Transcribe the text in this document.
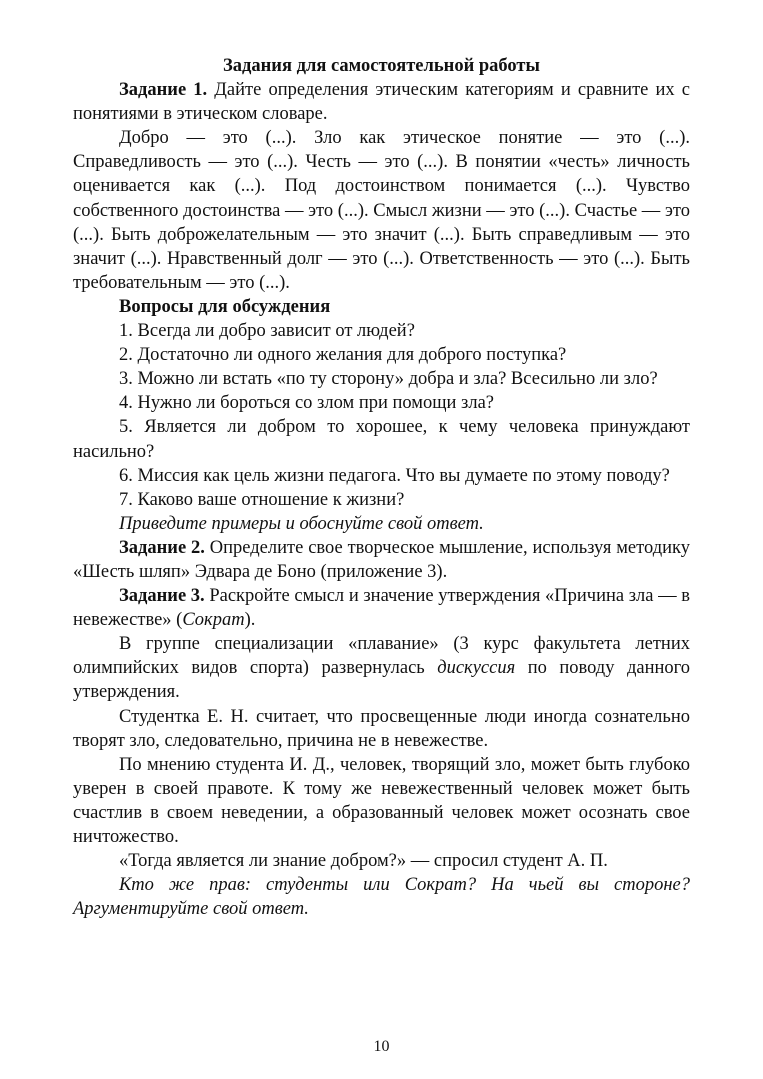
Задания для самостоятельной работы

Задание 1. Дайте определения этическим категориям и сравните их с понятиями в этическом словаре.

Добро — это (...). Зло как этическое понятие — это (...). Справедливость — это (...). Честь — это (...). В понятии «честь» личность оценивается как (...). Под достоинством понимается (...). Чувство собственного достоинства — это (...). Смысл жизни — это (...). Счастье — это (...). Быть доброжелательным — это значит (...). Быть справедливым — это значит (...). Нравственный долг — это (...). Ответственность — это (...). Быть требовательным — это (...).

Вопросы для обсуждения

1. Всегда ли добро зависит от людей?

2. Достаточно ли одного желания для доброго поступка?

3. Можно ли встать «по ту сторону» добра и зла? Всесильно ли зло?

4. Нужно ли бороться со злом при помощи зла?

5. Является ли добром то хорошее, к чему человека принуждают насильно?

6. Миссия как цель жизни педагога. Что вы думаете по этому поводу?

7. Каково ваше отношение к жизни?

Приведите примеры и обоснуйте свой ответ.

Задание 2. Определите свое творческое мышление, используя методику «Шесть шляп» Эдвара де Боно (приложение 3).

Задание 3. Раскройте смысл и значение утверждения «Причина зла — в невежестве» (Сократ).

В группе специализации «плавание» (3 курс факультета летних олимпийских видов спорта) развернулась дискуссия по поводу данного утверждения.

Студентка Е. Н. считает, что просвещенные люди иногда сознательно творят зло, следовательно, причина не в невежестве.

По мнению студента И. Д., человек, творящий зло, может быть глубоко уверен в своей правоте. К тому же невежественный человек может быть счастлив в своем неведении, а образованный человек может осознать свое ничтожество.

«Тогда является ли знание добром?» — спросил студент А. П.

Кто же прав: студенты или Сократ? На чьей вы стороне? Аргументируйте свой ответ.

10
